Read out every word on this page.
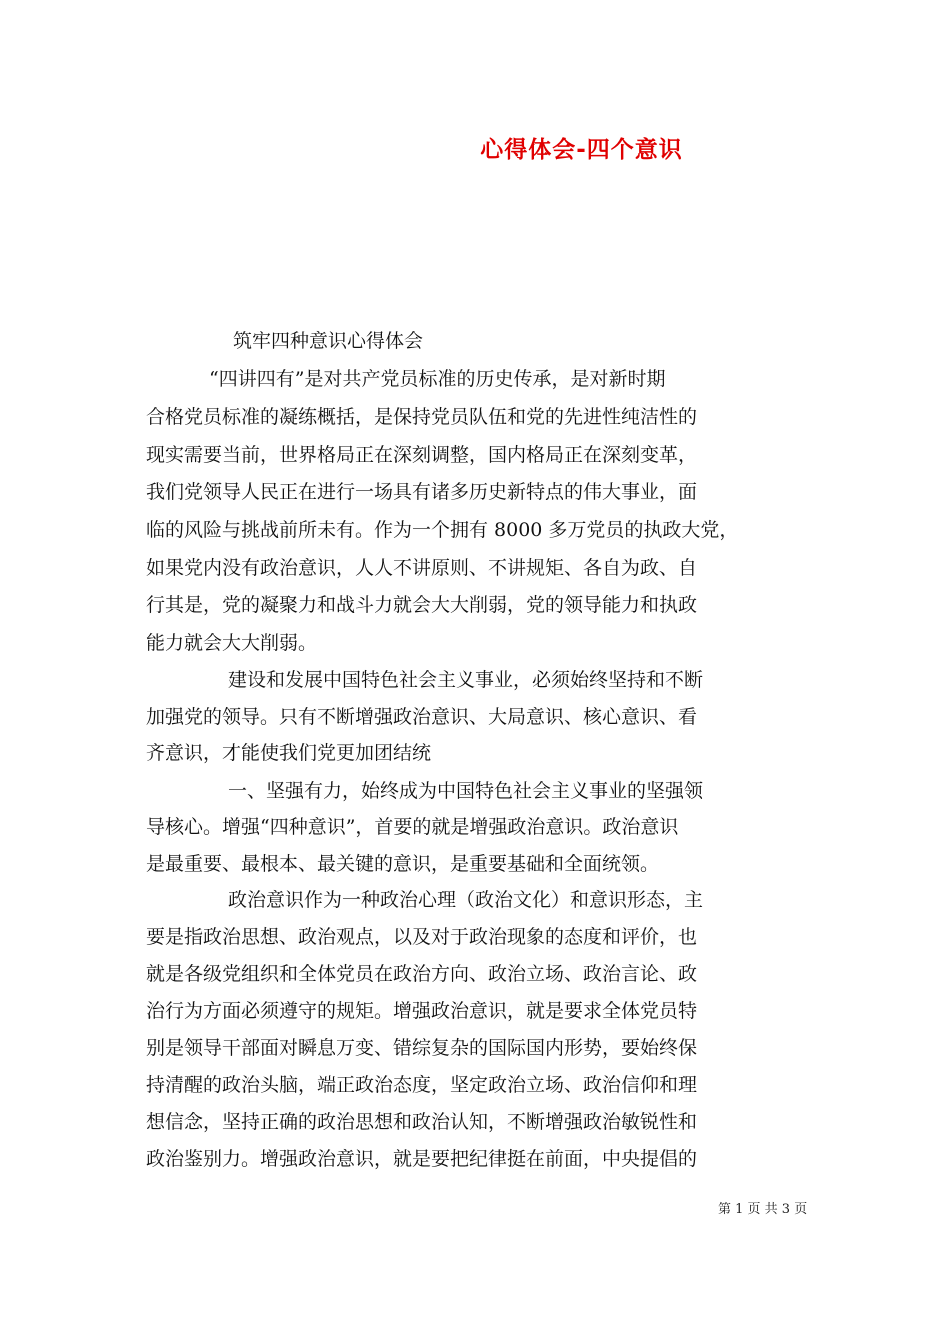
心得体会-四个意识
筑牢四种意识心得体会
　　　 “四讲四有”是对共产党员标准的历史传承，是对新时期
合格党员标准的凝练概括，是保持党员队伍和党的先进性纯洁性的
现实需要当前，世界格局正在深刻调整，国内格局正在深刻变革，
我们党领导人民正在进行一场具有诸多历史新特点的伟大事业，面
临的风险与挑战前所未有。作为一个拥有 8000 多万党员的执政大党，
如果党内没有政治意识，人人不讲原则、不讲规矩、各自为政、自
行其是，党的凝聚力和战斗力就会大大削弱，党的领导能力和执政
能力就会大大削弱。
　　　　 建设和发展中国特色社会主义事业，必须始终坚持和不断
加强党的领导。只有不断增强政治意识、大局意识、核心意识、看
齐意识，才能使我们党更加团结统
　　　　 一、坚强有力，始终成为中国特色社会主义事业的坚强领
导核心。增强“四种意识”，首要的就是增强政治意识。政治意识
是最重要、最根本、最关键的意识，是重要基础和全面统领。
　　　　 政治意识作为一种政治心理（政治文化）和意识形态，主
要是指政治思想、政治观点，以及对于政治现象的态度和评价，也
就是各级党组织和全体党员在政治方向、政治立场、政治言论、政
治行为方面必须遵守的规矩。增强政治意识，就是要求全体党员特
别是领导干部面对瞬息万变、错综复杂的国际国内形势，要始终保
持清醒的政治头脑，端正政治态度，坚定政治立场、政治信仰和理
想信念，坚持正确的政治思想和政治认知，不断增强政治敏锐性和
政治鉴别力。增强政治意识，就是要把纪律挺在前面，中央提倡的
第 1 页 共 3 页
